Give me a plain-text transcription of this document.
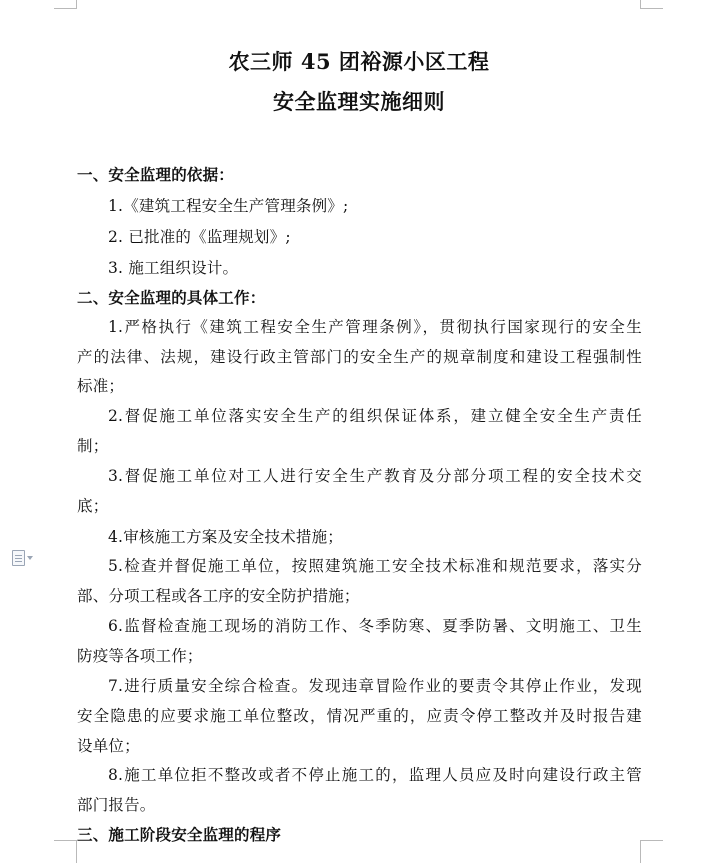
农三师 45 团裕源小区工程
安全监理实施细则
一、安全监理的依据：
1.《建筑工程安全生产管理条例》;
2. 已批准的《监理规划》;
3. 施工组织设计。
二、安全监理的具体工作：
1.严格执行《建筑工程安全生产管理条例》，贯彻执行国家现行的安全生
产的法律、法规，建设行政主管部门的安全生产的规章制度和建设工程强制性
标准；
2.督促施工单位落实安全生产的组织保证体系，建立健全安全生产责任
制；
3.督促施工单位对工人进行安全生产教育及分部分项工程的安全技术交
底；
4.审核施工方案及安全技术措施；
5.检查并督促施工单位，按照建筑施工安全技术标准和规范要求，落实分
部、分项工程或各工序的安全防护措施；
6.监督检查施工现场的消防工作、冬季防寒、夏季防暑、文明施工、卫生
防疫等各项工作；
7.进行质量安全综合检查。发现违章冒险作业的要责令其停止作业，发现
安全隐患的应要求施工单位整改，情况严重的，应责令停工整改并及时报告建
设单位；
8.施工单位拒不整改或者不停止施工的，监理人员应及时向建设行政主管
部门报告。
三、施工阶段安全监理的程序
